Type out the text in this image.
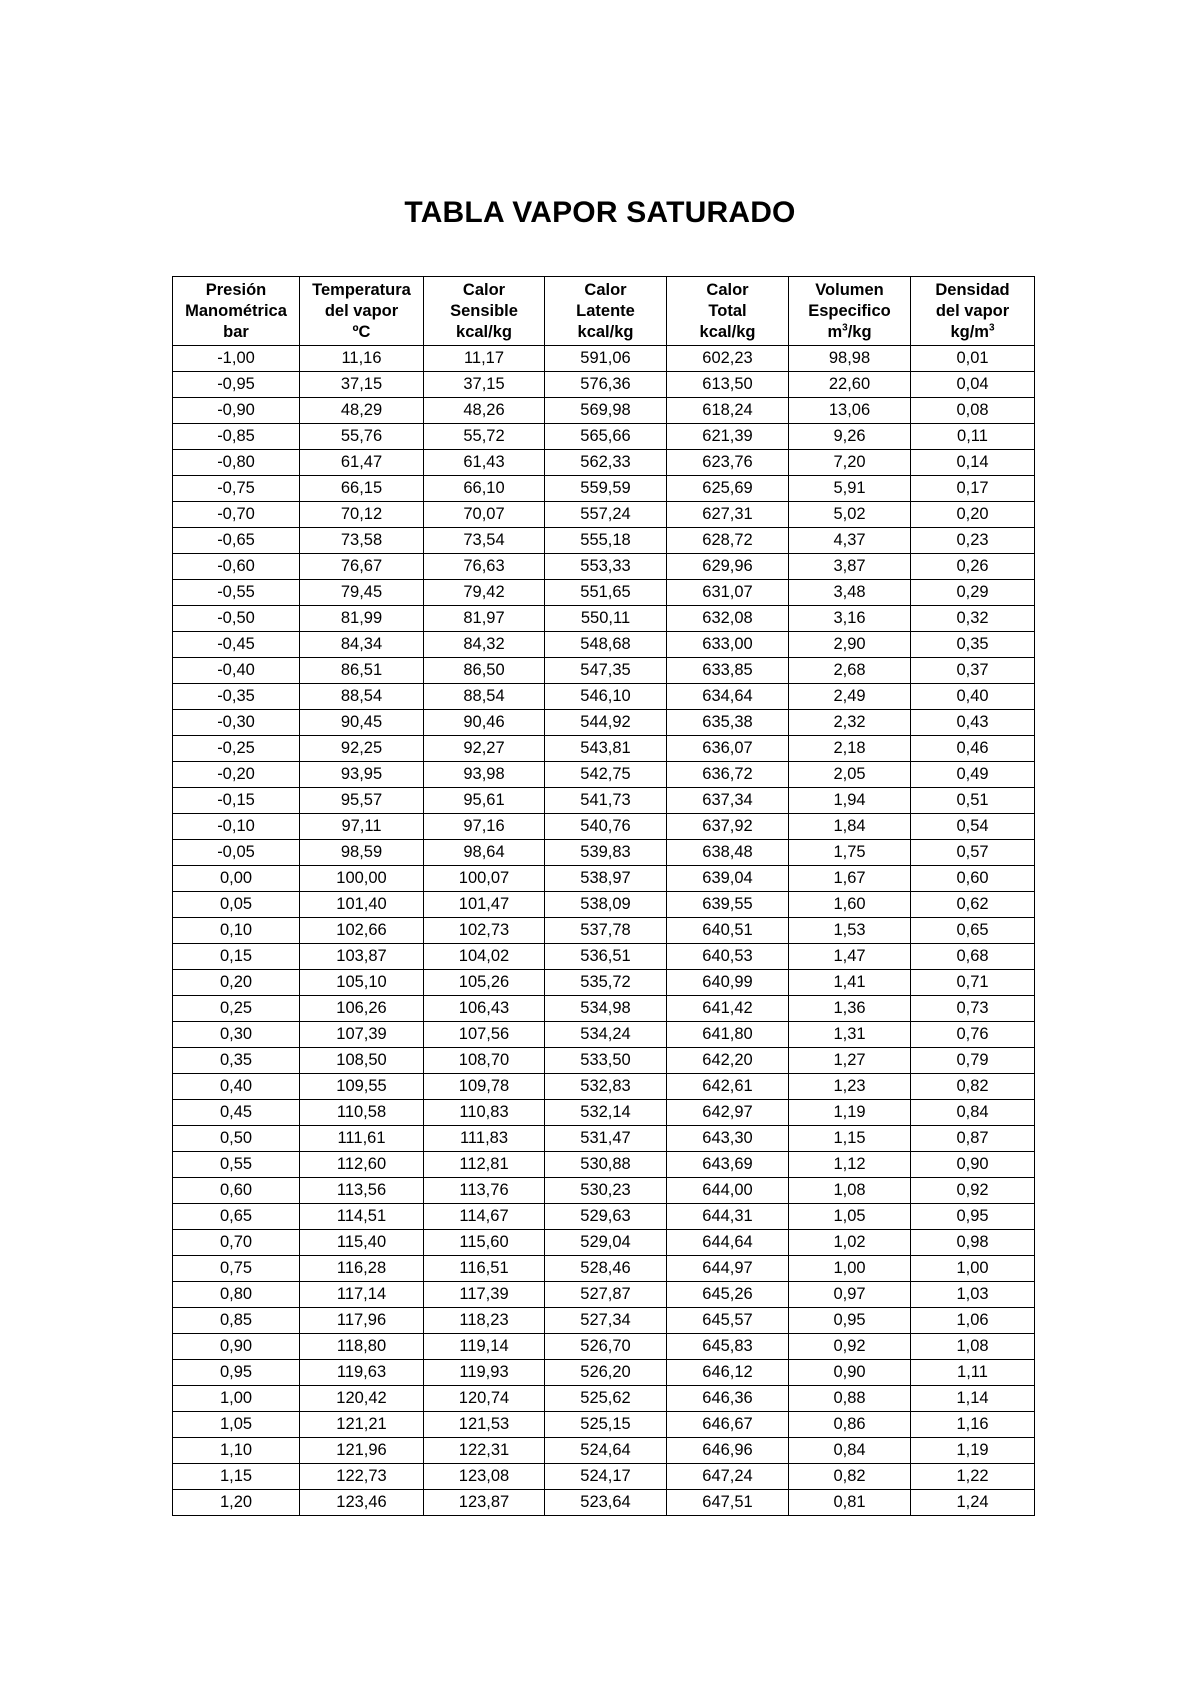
TABLA VAPOR SATURADO
Presión
Manométrica
bar	Temperatura
del vapor
ºC	Calor
Sensible
kcal/kg	Calor
Latente
kcal/kg	Calor
Total
kcal/kg	Volumen
Especifico
$m^3/kg$	Densidad
del vapor
$kg/m^3$

-1,00	11,16	11,17	591,06	602,23	98,98	0,01
-0,95	37,15	37,15	576,36	613,50	22,60	0,04
-0,90	48,29	48,26	569,98	618,24	13,06	0,08
-0,85	55,76	55,72	565,66	621,39	9,26	0,11
-0,80	61,47	61,43	562,33	623,76	7,20	0,14
-0,75	66,15	66,10	559,59	625,69	5,91	0,17
-0,70	70,12	70,07	557,24	627,31	5,02	0,20
-0,65	73,58	73,54	555,18	628,72	4,37	0,23
-0,60	76,67	76,63	553,33	629,96	3,87	0,26
-0,55	79,45	79,42	551,65	631,07	3,48	0,29
-0,50	81,99	81,97	550,11	632,08	3,16	0,32
-0,45	84,34	84,32	548,68	633,00	2,90	0,35
-0,40	86,51	86,50	547,35	633,85	2,68	0,37
-0,35	88,54	88,54	546,10	634,64	2,49	0,40
-0,30	90,45	90,46	544,92	635,38	2,32	0,43
-0,25	92,25	92,27	543,81	636,07	2,18	0,46
-0,20	93,95	93,98	542,75	636,72	2,05	0,49
-0,15	95,57	95,61	541,73	637,34	1,94	0,51
-0,10	97,11	97,16	540,76	637,92	1,84	0,54
-0,05	98,59	98,64	539,83	638,48	1,75	0,57
0,00	100,00	100,07	538,97	639,04	1,67	0,60
0,05	101,40	101,47	538,09	639,55	1,60	0,62
0,10	102,66	102,73	537,78	640,51	1,53	0,65
0,15	103,87	104,02	536,51	640,53	1,47	0,68
0,20	105,10	105,26	535,72	640,99	1,41	0,71
0,25	106,26	106,43	534,98	641,42	1,36	0,73
0,30	107,39	107,56	534,24	641,80	1,31	0,76
0,35	108,50	108,70	533,50	642,20	1,27	0,79
0,40	109,55	109,78	532,83	642,61	1,23	0,82
0,45	110,58	110,83	532,14	642,97	1,19	0,84
0,50	111,61	111,83	531,47	643,30	1,15	0,87
0,55	112,60	112,81	530,88	643,69	1,12	0,90
0,60	113,56	113,76	530,23	644,00	1,08	0,92
0,65	114,51	114,67	529,63	644,31	1,05	0,95
0,70	115,40	115,60	529,04	644,64	1,02	0,98
0,75	116,28	116,51	528,46	644,97	1,00	1,00
0,80	117,14	117,39	527,87	645,26	0,97	1,03
0,85	117,96	118,23	527,34	645,57	0,95	1,06
0,90	118,80	119,14	526,70	645,83	0,92	1,08
0,95	119,63	119,93	526,20	646,12	0,90	1,11
1,00	120,42	120,74	525,62	646,36	0,88	1,14
1,05	121,21	121,53	525,15	646,67	0,86	1,16
1,10	121,96	122,31	524,64	646,96	0,84	1,19
1,15	122,73	123,08	524,17	647,24	0,82	1,22
1,20	123,46	123,87	523,64	647,51	0,81	1,24
